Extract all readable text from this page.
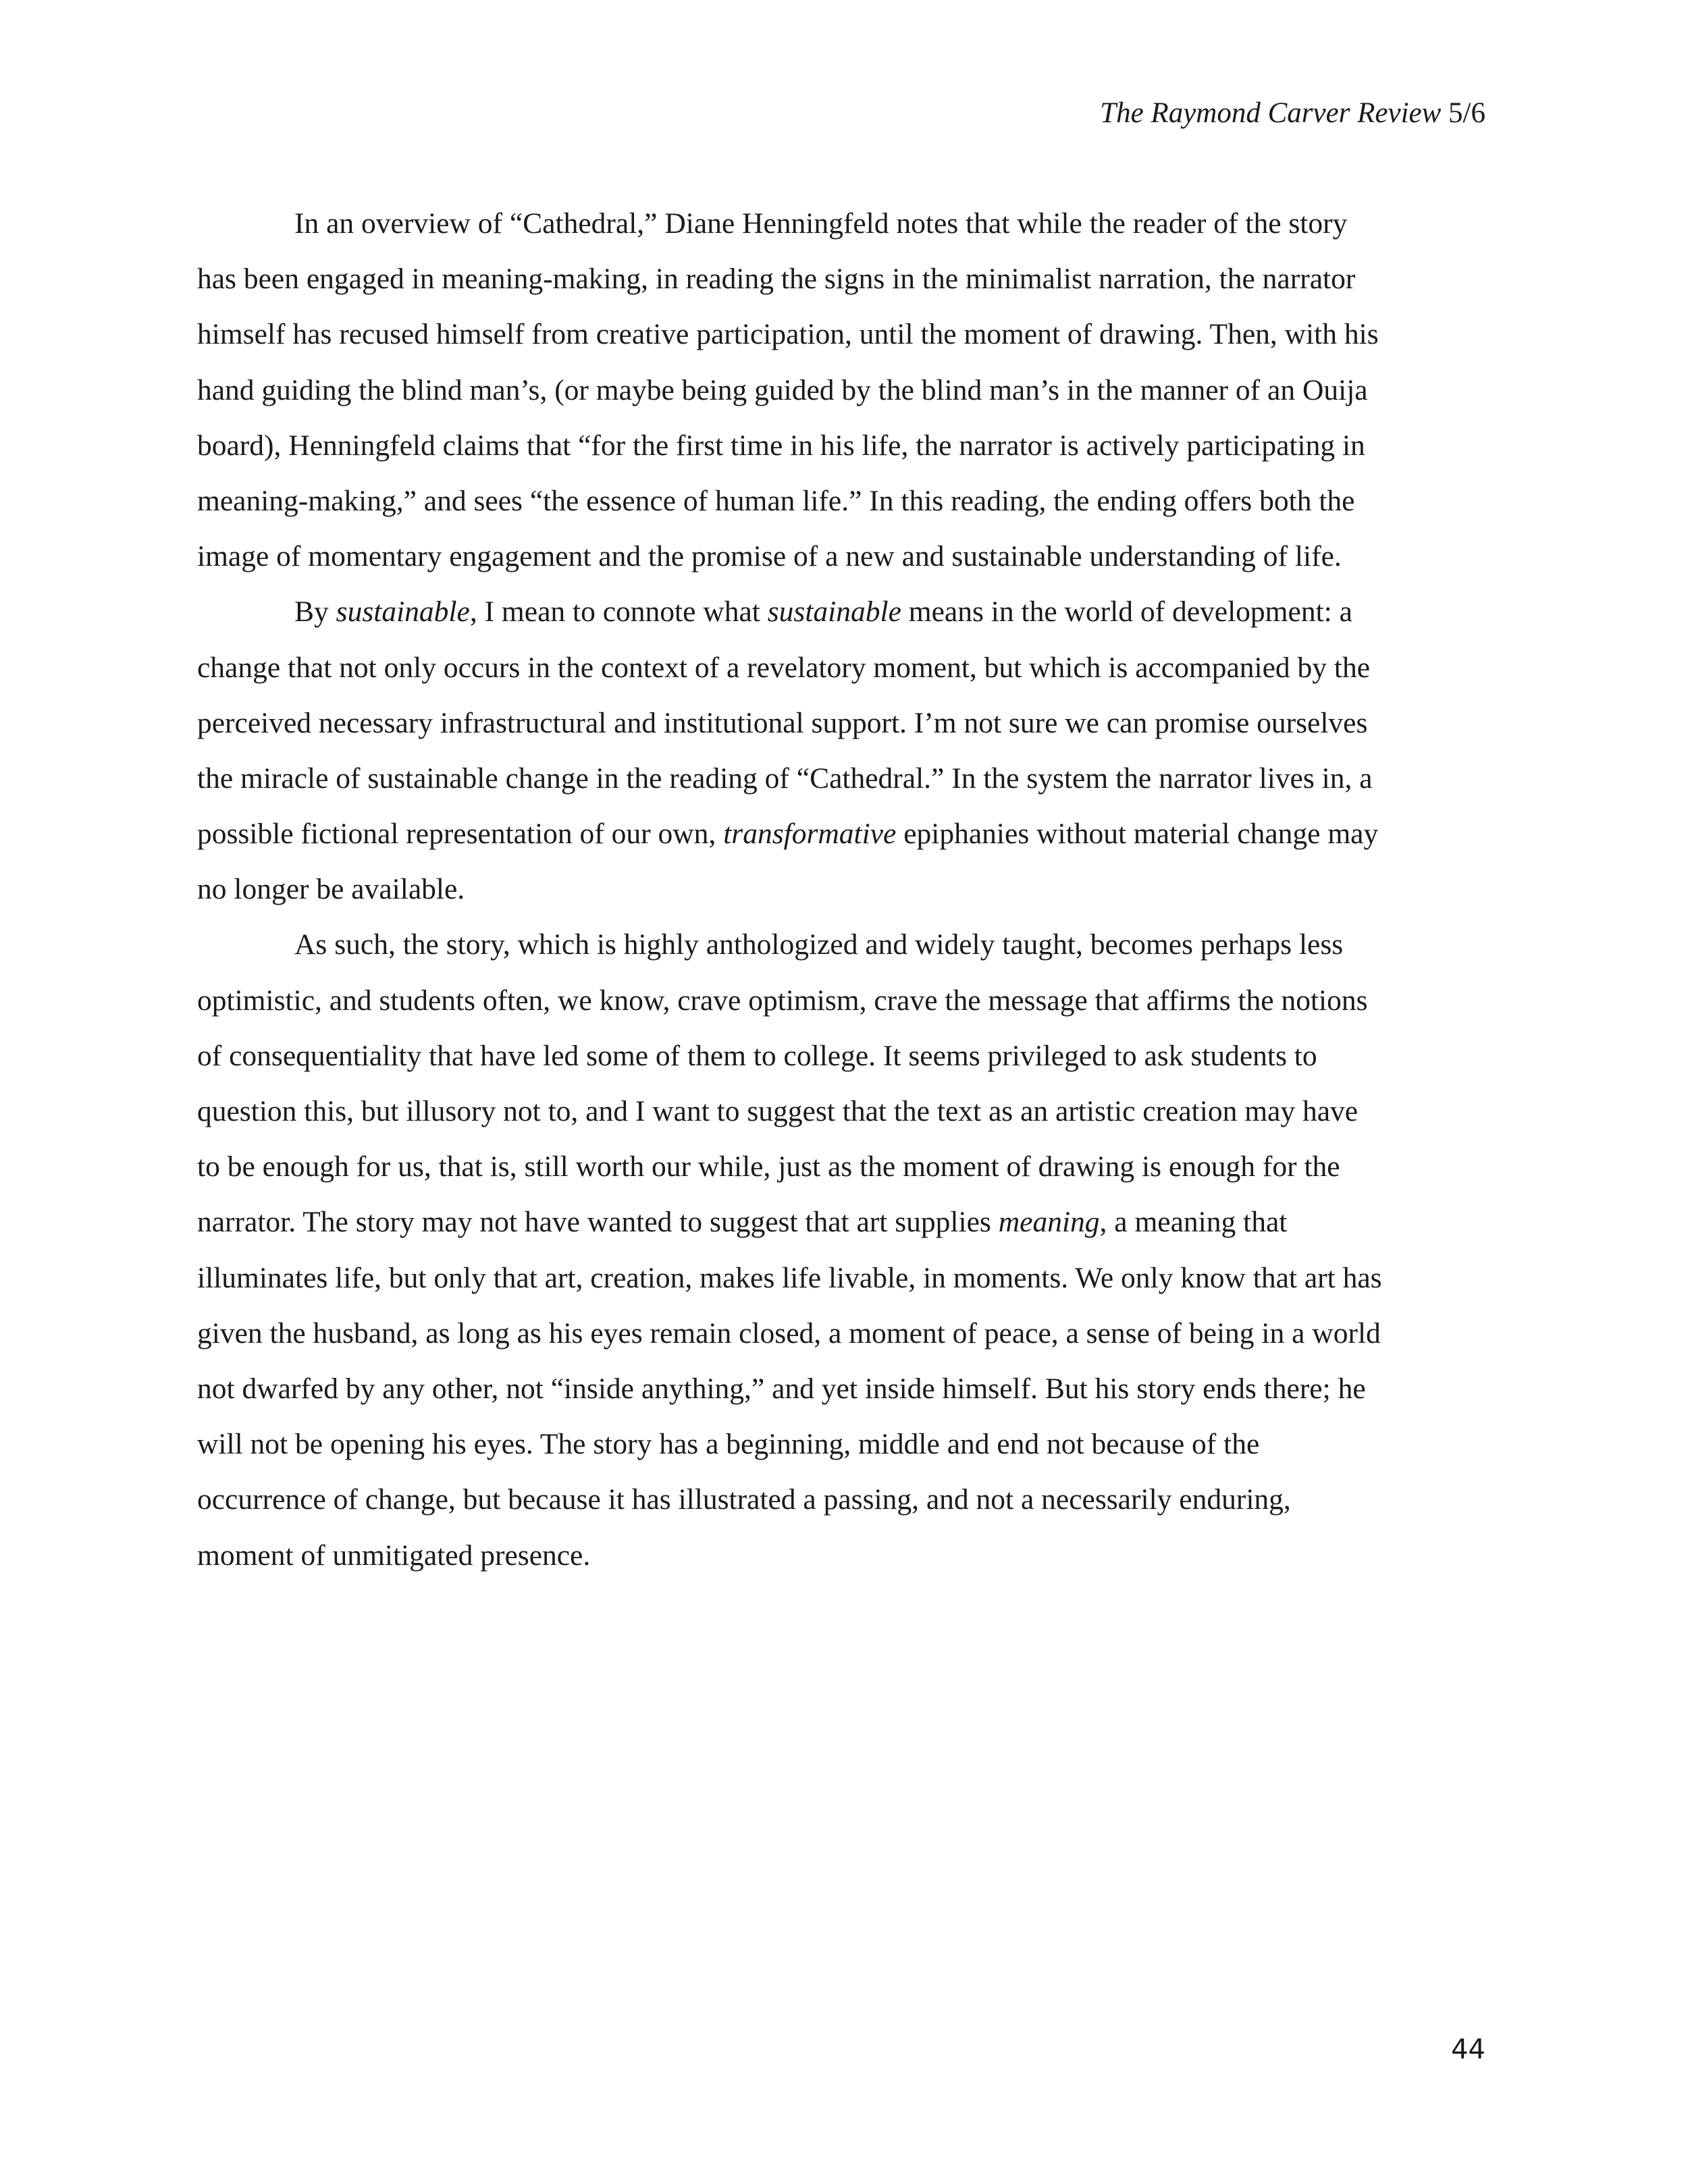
The Raymond Carver Review 5/6
In an overview of “Cathedral,” Diane Henningfeld notes that while the reader of the story
has been engaged in meaning-making, in reading the signs in the minimalist narration, the narrator
himself has recused himself from creative participation, until the moment of drawing. Then, with his
hand guiding the blind man’s, (or maybe being guided by the blind man’s in the manner of an Ouija
board), Henningfeld claims that “for the first time in his life, the narrator is actively participating in
meaning-making,” and sees “the essence of human life.” In this reading, the ending offers both the
image of momentary engagement and the promise of a new and sustainable understanding of life.
By sustainable, I mean to connote what sustainable means in the world of development: a
change that not only occurs in the context of a revelatory moment, but which is accompanied by the
perceived necessary infrastructural and institutional support. I’m not sure we can promise ourselves
the miracle of sustainable change in the reading of “Cathedral.” In the system the narrator lives in, a
possible fictional representation of our own, transformative epiphanies without material change may
no longer be available.
As such, the story, which is highly anthologized and widely taught, becomes perhaps less
optimistic, and students often, we know, crave optimism, crave the message that affirms the notions
of consequentiality that have led some of them to college. It seems privileged to ask students to
question this, but illusory not to, and I want to suggest that the text as an artistic creation may have
to be enough for us, that is, still worth our while, just as the moment of drawing is enough for the
narrator. The story may not have wanted to suggest that art supplies meaning, a meaning that
illuminates life, but only that art, creation, makes life livable, in moments. We only know that art has
given the husband, as long as his eyes remain closed, a moment of peace, a sense of being in a world
not dwarfed by any other, not “inside anything,” and yet inside himself. But his story ends there; he
will not be opening his eyes. The story has a beginning, middle and end not because of the
occurrence of change, but because it has illustrated a passing, and not a necessarily enduring,
moment of unmitigated presence.
44
